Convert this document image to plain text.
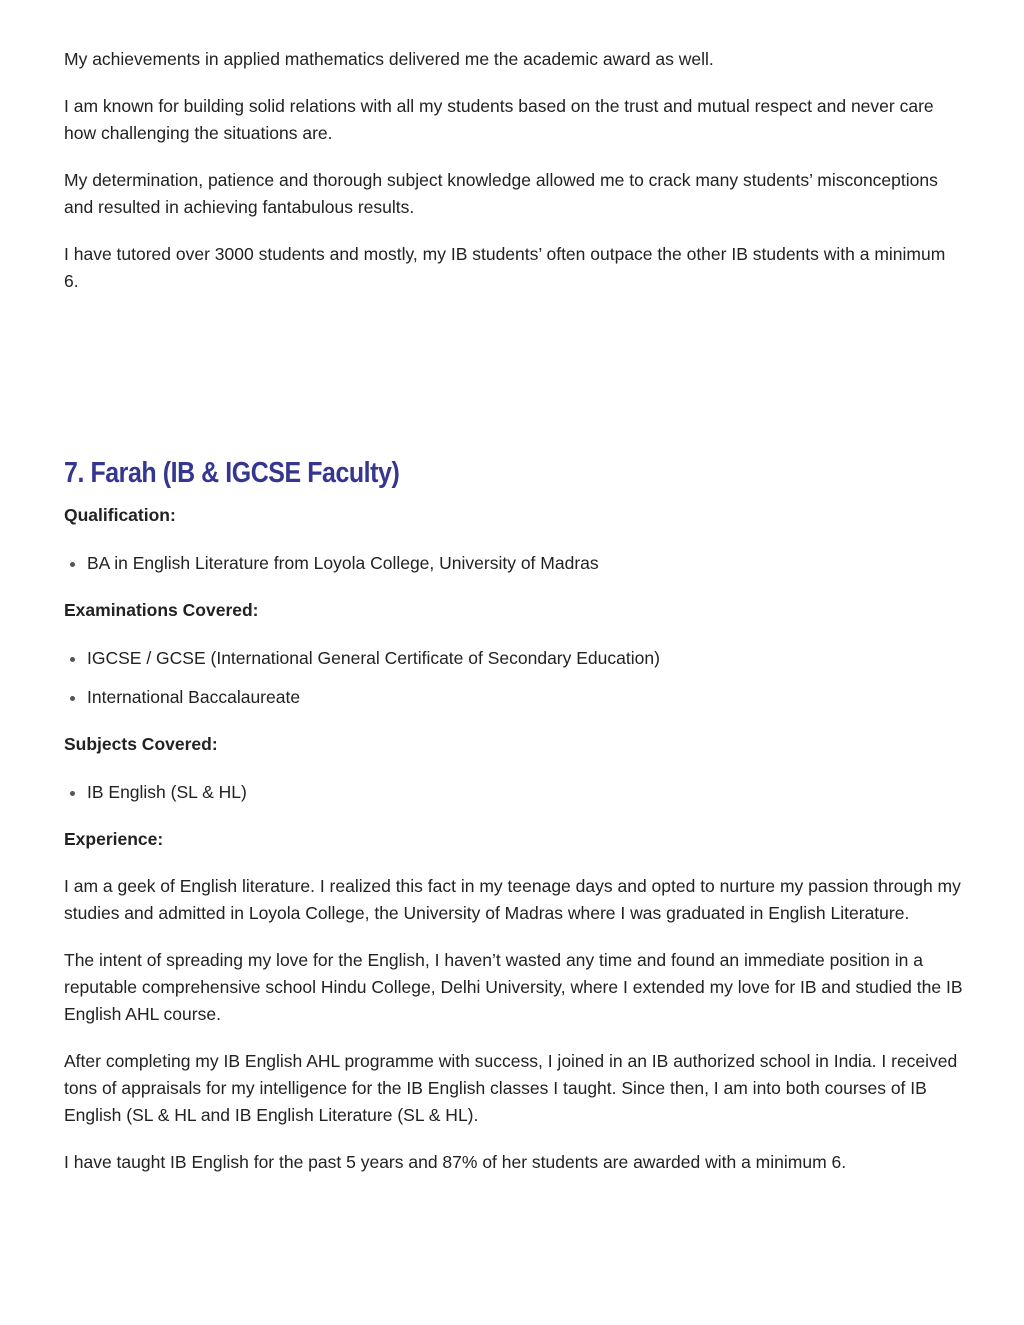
My achievements in applied mathematics delivered me the academic award as well.

I am known for building solid relations with all my students based on the trust and mutual respect and never care how challenging the situations are.

My determination, patience and thorough subject knowledge allowed me to crack many students’ misconceptions and resulted in achieving fantabulous results.

I have tutored over 3000 students and mostly, my IB students’ often outpace the other IB students with a minimum 6.

7. Farah (IB & IGCSE Faculty)
Qualification:
BA in English Literature from Loyola College, University of Madras
Examinations Covered:
IGCSE / GCSE (International General Certificate of Secondary Education)
International Baccalaureate
Subjects Covered:
IB English (SL & HL)
Experience:

I am a geek of English literature. I realized this fact in my teenage days and opted to nurture my passion through my studies and admitted in Loyola College, the University of Madras where I was graduated in English Literature.

The intent of spreading my love for the English, I haven’t wasted any time and found an immediate position in a reputable comprehensive school Hindu College, Delhi University, where I extended my love for IB and studied the IB English AHL course.

After completing my IB English AHL programme with success, I joined in an IB authorized school in India. I received tons of appraisals for my intelligence for the IB English classes I taught. Since then, I am into both courses of IB English (SL & HL and IB English Literature (SL & HL).

I have taught IB English for the past 5 years and 87% of her students are awarded with a minimum 6.
